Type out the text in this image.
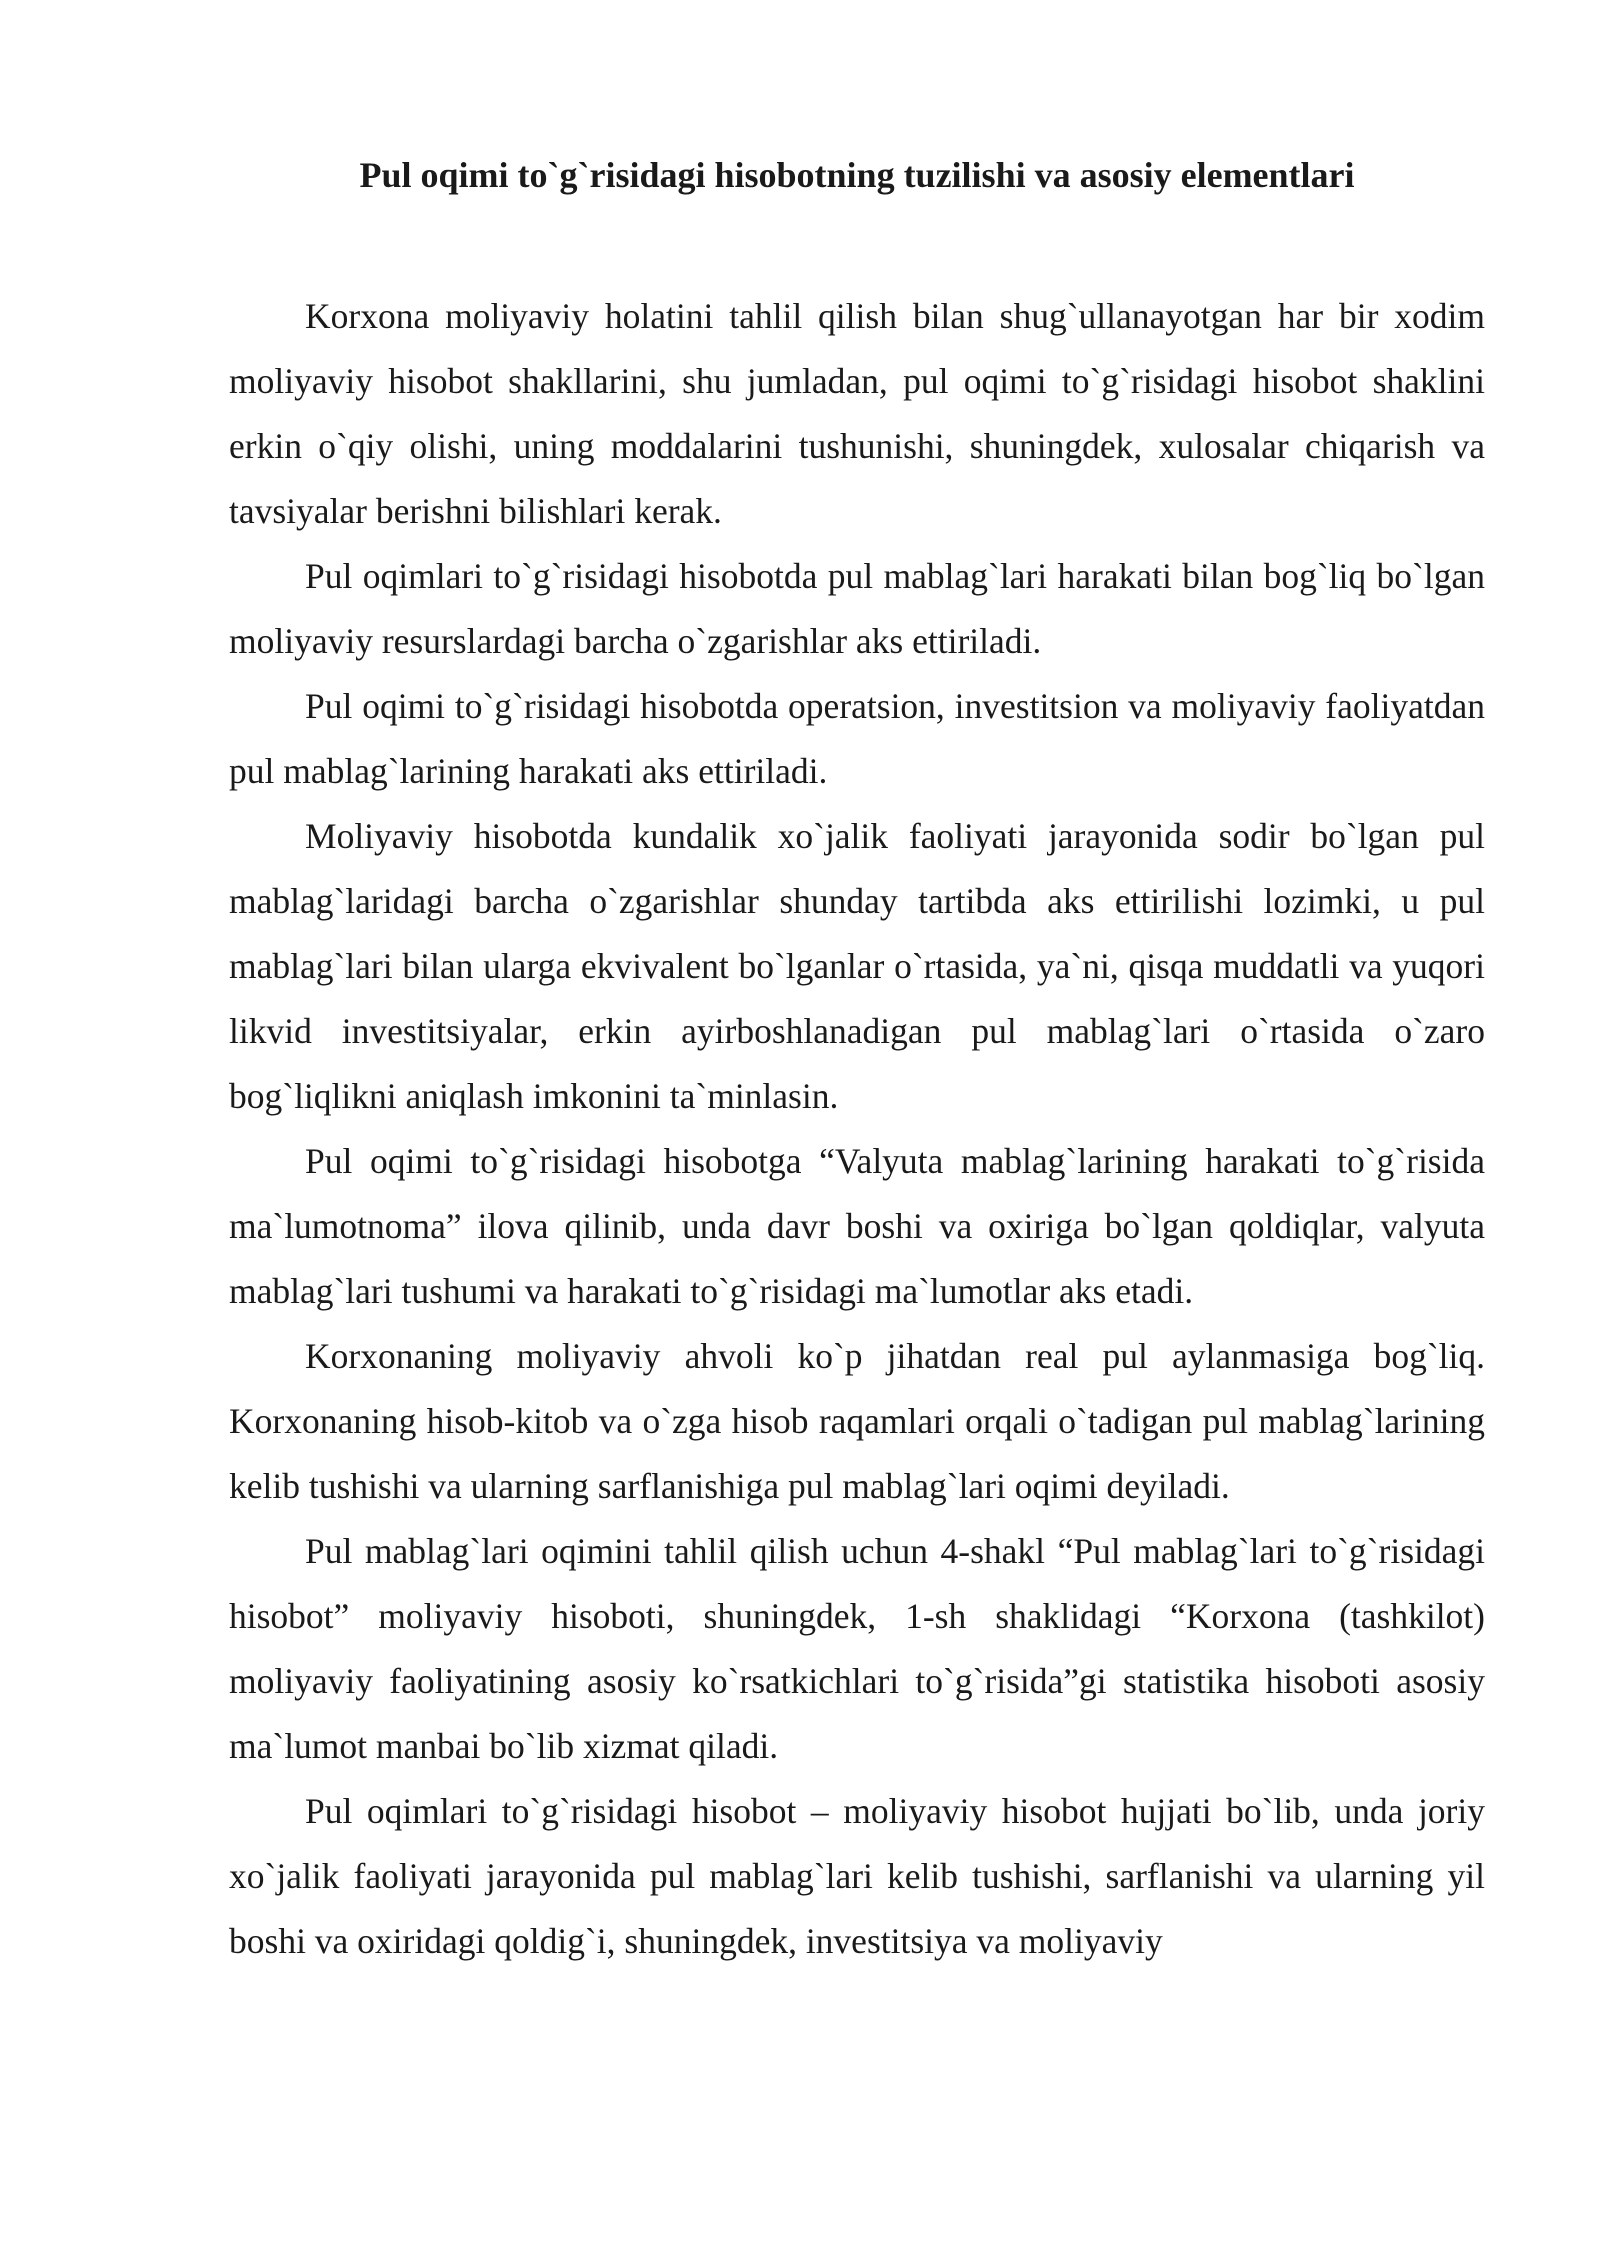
Pul oqimi to`g`risidagi hisobotning tuzilishi va asosiy elementlari

Korxona moliyaviy holatini tahlil qilish bilan shug`ullanayotgan har bir xodim moliyaviy hisobot shakllarini, shu jumladan, pul oqimi to`g`risidagi hisobot shaklini erkin o`qiy olishi, uning moddalarini tushunishi, shuningdek, xulosalar chiqarish va tavsiyalar berishni bilishlari kerak.

Pul oqimlari to`g`risidagi hisobotda pul mablag`lari harakati bilan bog`liq bo`lgan moliyaviy resurslardagi barcha o`zgarishlar aks ettiriladi.

Pul oqimi to`g`risidagi hisobotda operatsion, investitsion va moliyaviy faoliyatdan pul mablag`larining harakati aks ettiriladi.

Moliyaviy hisobotda kundalik xo`jalik faoliyati jarayonida sodir bo`lgan pul mablag`laridagi barcha o`zgarishlar shunday tartibda aks ettirilishi lozimki, u pul mablag`lari bilan ularga ekvivalent bo`lganlar o`rtasida, ya`ni, qisqa muddatli va yuqori likvid investitsiyalar, erkin ayirboshlanadigan pul mablag`lari o`rtasida o`zaro bog`liqlikni aniqlash imkonini ta`minlasin.

Pul oqimi to`g`risidagi hisobotga “Valyuta mablag`larining harakati to`g`risida ma`lumotnoma” ilova qilinib, unda davr boshi va oxiriga bo`lgan qoldiqlar, valyuta mablag`lari tushumi va harakati to`g`risidagi ma`lumotlar aks etadi.

Korxonaning moliyaviy ahvoli ko`p jihatdan real pul aylanmasiga bog`liq. Korxonaning hisob-kitob va o`zga hisob raqamlari orqali o`tadigan pul mablag`larining kelib tushishi va ularning sarflanishiga pul mablag`lari oqimi deyiladi.

Pul mablag`lari oqimini tahlil qilish uchun 4-shakl “Pul mablag`lari to`g`risidagi hisobot” moliyaviy hisoboti, shuningdek, 1-sh shaklidagi “Korxona (tashkilot) moliyaviy faoliyatining asosiy ko`rsatkichlari to`g`risida”gi statistika hisoboti asosiy ma`lumot manbai bo`lib xizmat qiladi.

Pul oqimlari to`g`risidagi hisobot – moliyaviy hisobot hujjati bo`lib, unda joriy xo`jalik faoliyati jarayonida pul mablag`lari kelib tushishi, sarflanishi va ularning yil boshi va oxiridagi qoldig`i, shuningdek, investitsiya va moliyaviy
